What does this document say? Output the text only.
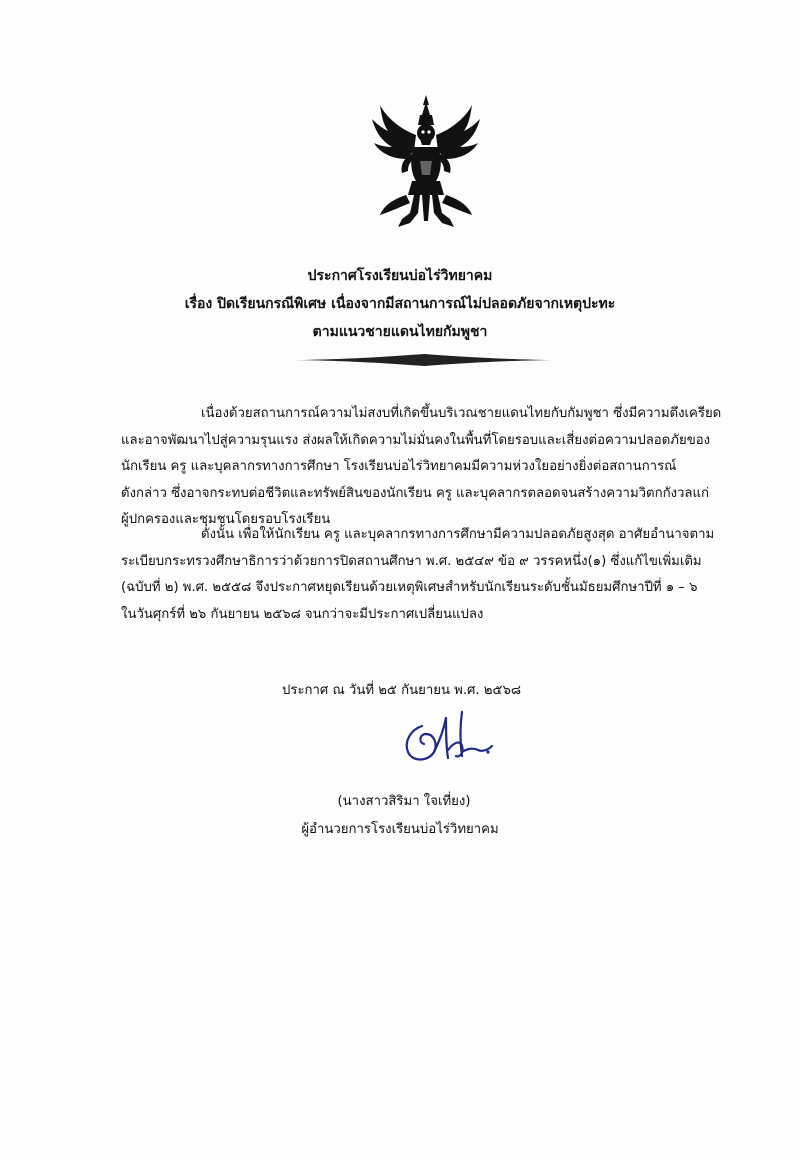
ประกาศโรงเรียนบ่อไร่วิทยาคม
เรื่อง ปิดเรียนกรณีพิเศษ เนื่องจากมีสถานการณ์ไม่ปลอดภัยจากเหตุปะทะ
ตามแนวชายแดนไทยกัมพูชา
เนื่องด้วยสถานการณ์ความไม่สงบที่เกิดขึ้นบริเวณชายแดนไทยกับกัมพูชา ซึ่งมีความตึงเครียด
และอาจพัฒนาไปสู่ความรุนแรง ส่งผลให้เกิดความไม่มั่นคงในพื้นที่โดยรอบและเสี่ยงต่อความปลอดภัยของ
นักเรียน ครู และบุคลากรทางการศึกษา โรงเรียนบ่อไร่วิทยาคมมีความห่วงใยอย่างยิ่งต่อสถานการณ์
ดังกล่าว ซึ่งอาจกระทบต่อชีวิตและทรัพย์สินของนักเรียน ครู และบุคลากรตลอดจนสร้างความวิตกกังวลแก่
ผู้ปกครองและชุมชนโดยรอบโรงเรียน
ดังนั้น เพื่อให้นักเรียน ครู และบุคลากรทางการศึกษามีความปลอดภัยสูงสุด อาศัยอำนาจตาม
ระเบียบกระทรวงศึกษาธิการว่าด้วยการปิดสถานศึกษา พ.ศ. ๒๕๔๙ ข้อ ๙ วรรคหนึ่ง(๑) ซึ่งแก้ไขเพิ่มเติม
(ฉบับที่ ๒) พ.ศ. ๒๕๕๘ จึงประกาศหยุดเรียนด้วยเหตุพิเศษสำหรับนักเรียนระดับชั้นมัธยมศึกษาปีที่ ๑ – ๖
ในวันศุกร์ที่ ๒๖ กันยายน ๒๕๖๘ จนกว่าจะมีประกาศเปลี่ยนแปลง
ประกาศ ณ วันที่ ๒๕ กันยายน พ.ศ. ๒๕๖๘
(นางสาวสิริมา ใจเที่ยง)
ผู้อำนวยการโรงเรียนบ่อไร่วิทยาคม
